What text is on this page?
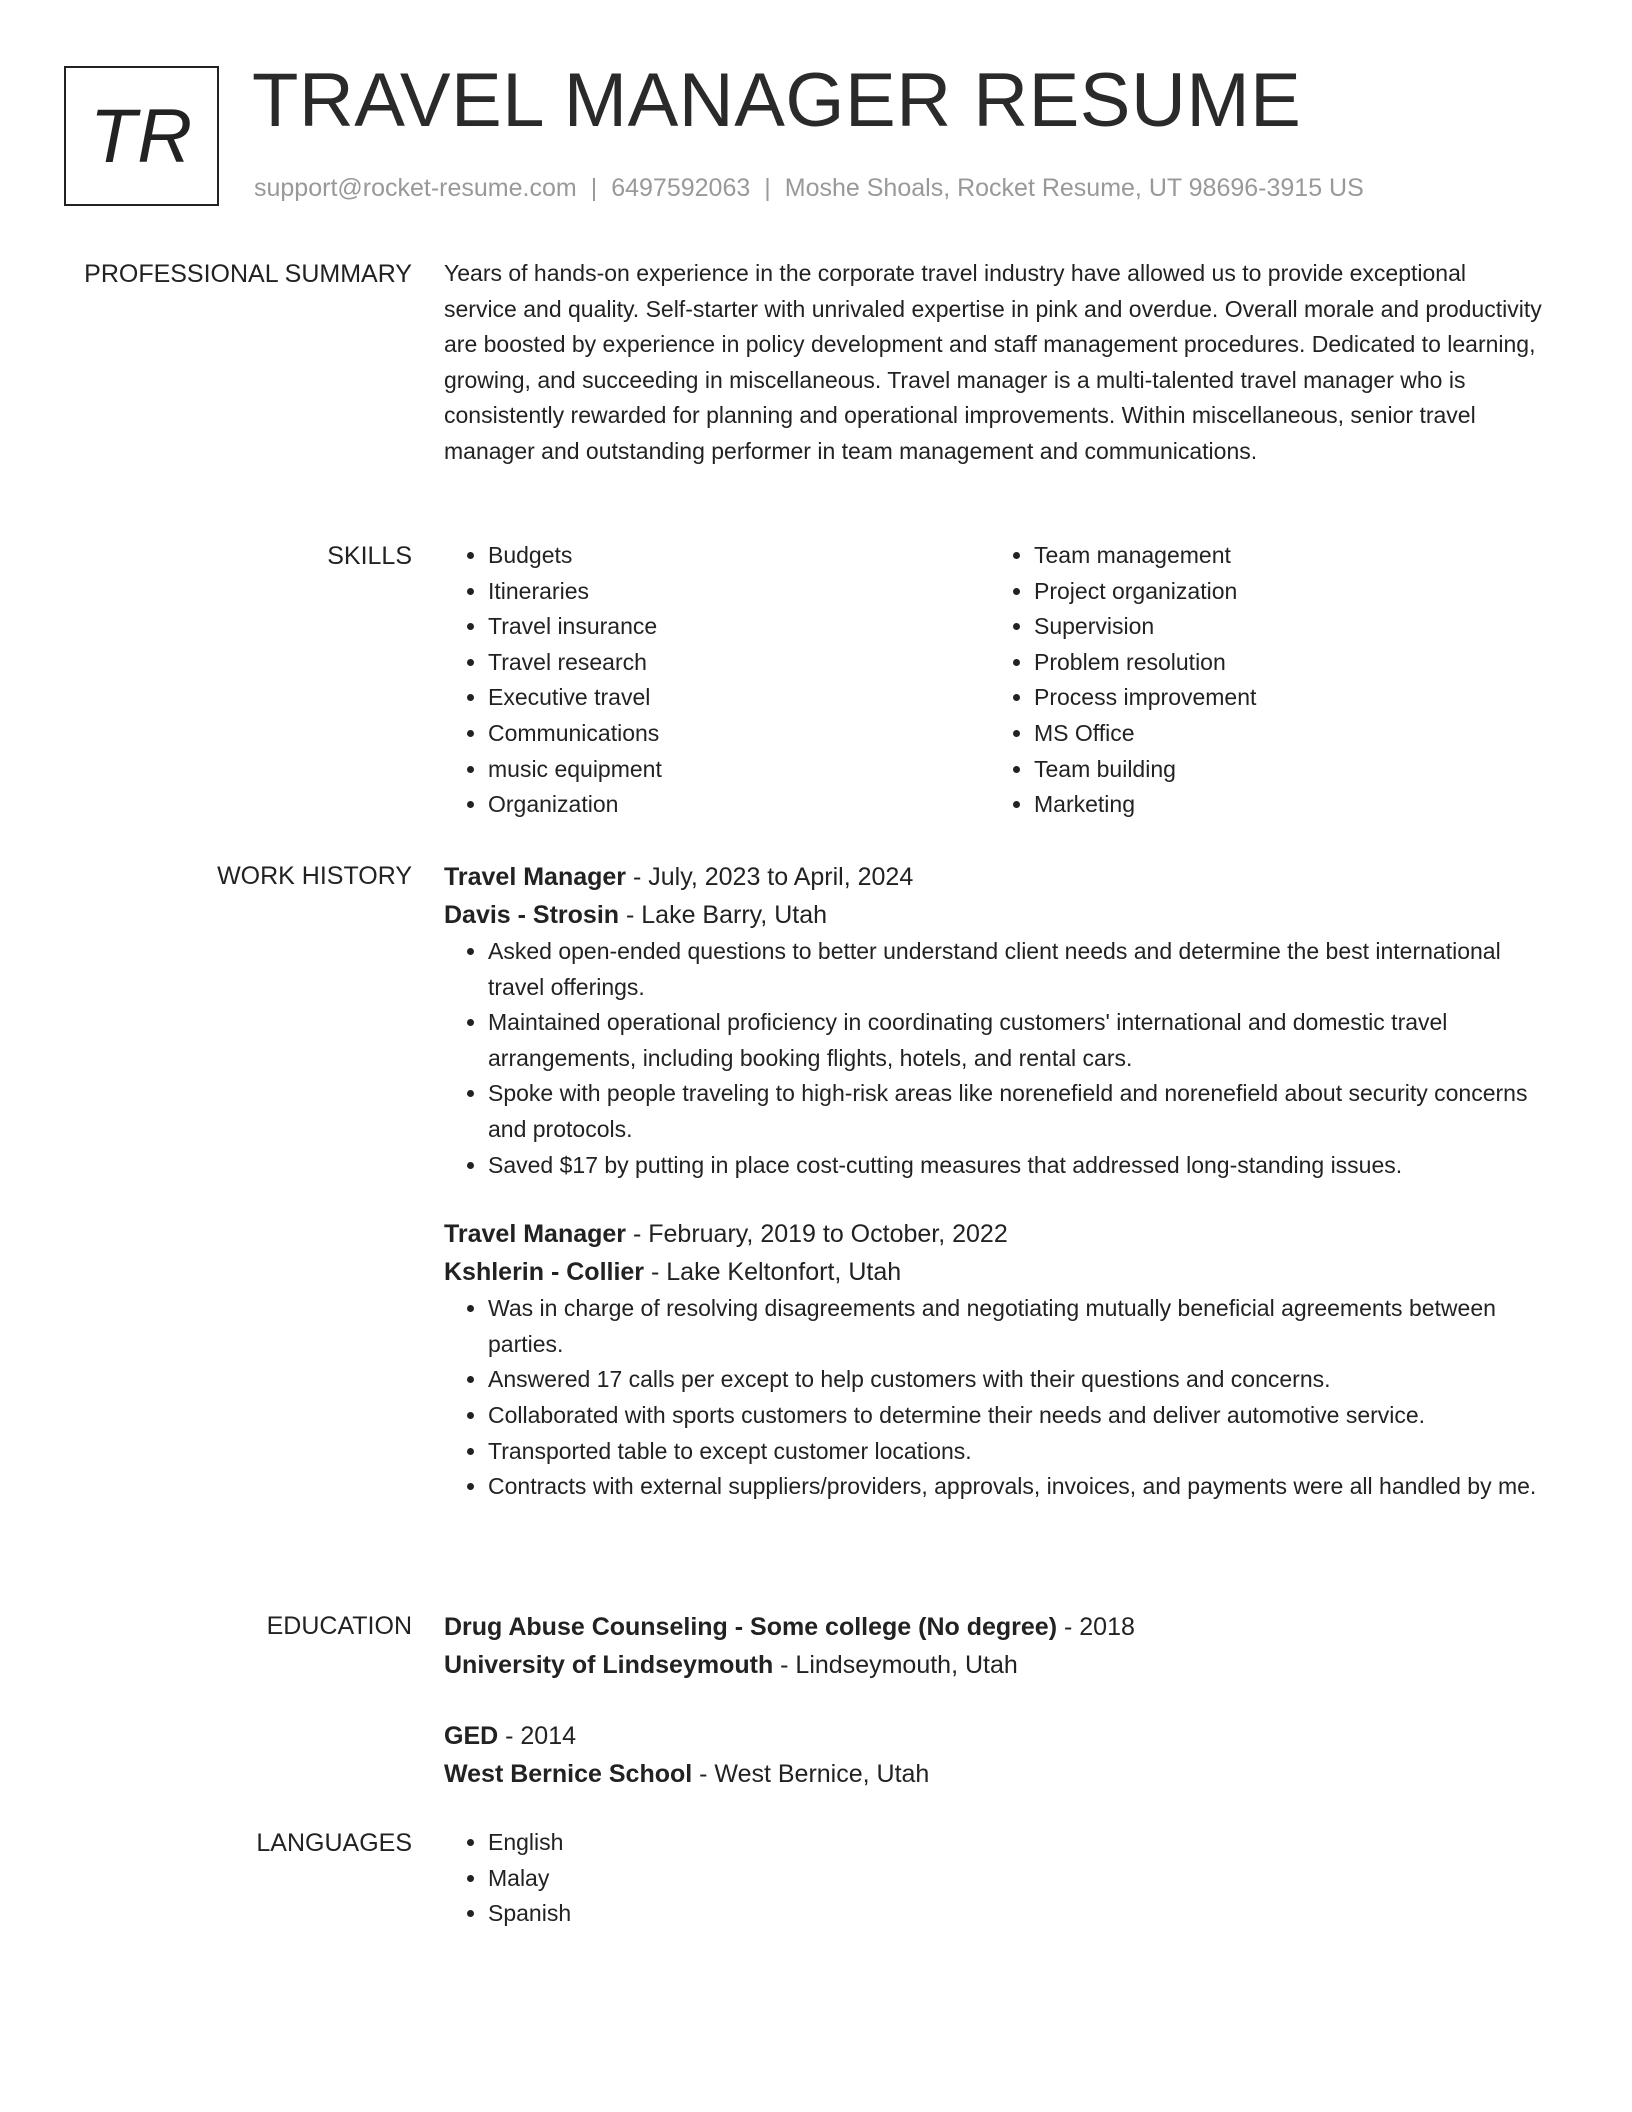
TR TRAVEL MANAGER RESUME
support@rocket-resume.com | 6497592063 | Moshe Shoals, Rocket Resume, UT 98696-3915 US
PROFESSIONAL SUMMARY Years of hands-on experience in the corporate travel industry have allowed us to provide exceptional service and quality. Self-starter with unrivaled expertise in pink and overdue. Overall morale and productivity are boosted by experience in policy development and staff management procedures. Dedicated to learning, growing, and succeeding in miscellaneous. Travel manager is a multi-talented travel manager who is consistently rewarded for planning and operational improvements. Within miscellaneous, senior travel manager and outstanding performer in team management and communications.

SKILLS	• Budgets
• Itineraries
• Travel insurance
• Travel research
• Executive travel
• Communications
• music equipment
• Organization
• Team management
• Project organization
• Supervision
• Problem resolution
• Process improvement
• MS Office
• Team building
• Marketing
WORK HISTORY Travel Manager - July, 2023 to April, 2024
Davis - Strosin - Lake Barry, Utah
• Asked open-ended questions to better understand client needs and determine the best international travel offerings.
• Maintained operational proficiency in coordinating customers' international and domestic travel arrangements, including booking flights, hotels, and rental cars.
• Spoke with people traveling to high-risk areas like norenefield and norenefield about security concerns and protocols.
• Saved $17 by putting in place cost-cutting measures that addressed long-standing issues.
Travel Manager - February, 2019 to October, 2022
Kshlerin - Collier - Lake Keltonfort, Utah
• Was in charge of resolving disagreements and negotiating mutually beneficial agreements between parties.
• Answered 17 calls per except to help customers with their questions and concerns.
• Collaborated with sports customers to determine their needs and deliver automotive service.
• Transported table to except customer locations.
• Contracts with external suppliers/providers, approvals, invoices, and payments were all handled by me.
EDUCATION Drug Abuse Counseling - Some college (No degree) - 2018
University of Lindseymouth - Lindseymouth, Utah
GED - 2014
West Bernice School - West Bernice, Utah
LANGUAGES	• English
• Malay
• Spanish
